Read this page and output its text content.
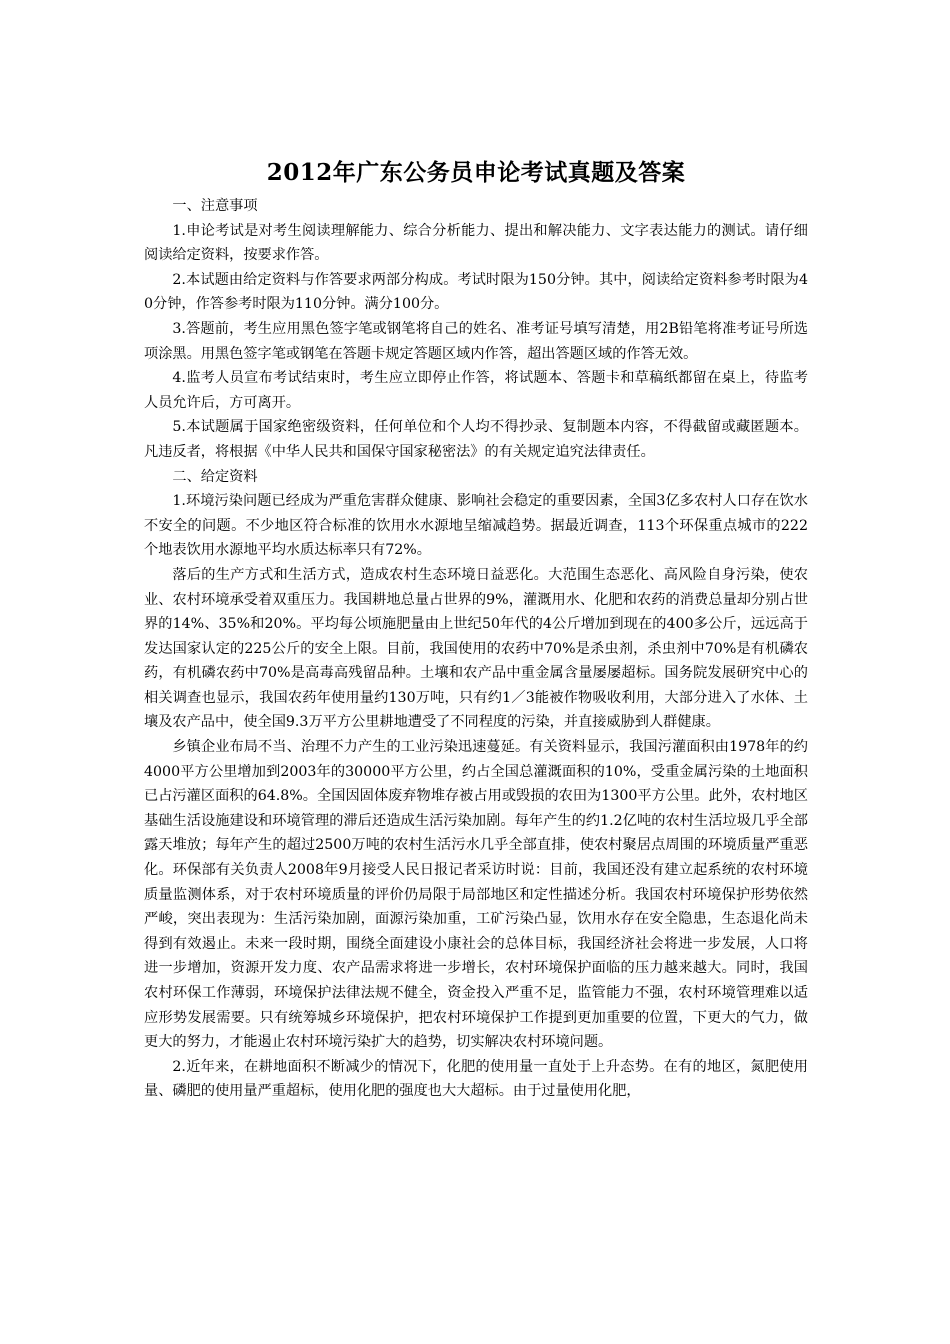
2012年广东公务员申论考试真题及答案

一、注意事项

1.申论考试是对考生阅读理解能力、综合分析能力、提出和解决能力、文字表达能力的测试。请仔细阅读给定资料，按要求作答。

2.本试题由给定资料与作答要求两部分构成。考试时限为150分钟。其中，阅读给定资料参考时限为40分钟，作答参考时限为110分钟。满分100分。

3.答题前，考生应用黑色签字笔或钢笔将自己的姓名、准考证号填写清楚，用2B铅笔将准考证号所选项涂黑。用黑色签字笔或钢笔在答题卡规定答题区域内作答，超出答题区域的作答无效。

4.监考人员宣布考试结束时，考生应立即停止作答，将试题本、答题卡和草稿纸都留在桌上，待监考人员允许后，方可离开。

5.本试题属于国家绝密级资料，任何单位和个人均不得抄录、复制题本内容，不得截留或藏匿题本。凡违反者，将根据《中华人民共和国保守国家秘密法》的有关规定追究法律责任。

二、给定资料

1.环境污染问题已经成为严重危害群众健康、影响社会稳定的重要因素，全国3亿多农村人口存在饮水不安全的问题。不少地区符合标准的饮用水水源地呈缩减趋势。据最近调查，113个环保重点城市的222个地表饮用水源地平均水质达标率只有72%。

落后的生产方式和生活方式，造成农村生态环境日益恶化。大范围生态恶化、高风险自身污染，使农业、农村环境承受着双重压力。我国耕地总量占世界的9%，灌溉用水、化肥和农药的消费总量却分别占世界的14%、35%和20%。平均每公顷施肥量由上世纪50年代的4公斤增加到现在的400多公斤，远远高于发达国家认定的225公斤的安全上限。目前，我国使用的农药中70%是杀虫剂，杀虫剂中70%是有机磷农药，有机磷农药中70%是高毒高残留品种。土壤和农产品中重金属含量屡屡超标。国务院发展研究中心的相关调查也显示，我国农药年使用量约130万吨，只有约1／3能被作物吸收利用，大部分进入了水体、土壤及农产品中，使全国9.3万平方公里耕地遭受了不同程度的污染，并直接威胁到人群健康。

乡镇企业布局不当、治理不力产生的工业污染迅速蔓延。有关资料显示，我国污灌面积由1978年的约4000平方公里增加到2003年的30000平方公里，约占全国总灌溉面积的10%，受重金属污染的土地面积已占污灌区面积的64.8%。全国因固体废弃物堆存被占用或毁损的农田为1300平方公里。此外，农村地区基础生活设施建设和环境管理的滞后还造成生活污染加剧。每年产生的约1.2亿吨的农村生活垃圾几乎全部露天堆放；每年产生的超过2500万吨的农村生活污水几乎全部直排，使农村聚居点周围的环境质量严重恶化。环保部有关负责人2008年9月接受人民日报记者采访时说：目前，我国还没有建立起系统的农村环境质量监测体系，对于农村环境质量的评价仍局限于局部地区和定性描述分析。我国农村环境保护形势依然严峻，突出表现为：生活污染加剧，面源污染加重，工矿污染凸显，饮用水存在安全隐患，生态退化尚未得到有效遏止。未来一段时期，围绕全面建设小康社会的总体目标，我国经济社会将进一步发展，人口将进一步增加，资源开发力度、农产品需求将进一步增长，农村环境保护面临的压力越来越大。同时，我国农村环保工作薄弱，环境保护法律法规不健全，资金投入严重不足，监管能力不强，农村环境管理难以适应形势发展需要。只有统筹城乡环境保护，把农村环境保护工作提到更加重要的位置，下更大的气力，做更大的努力，才能遏止农村环境污染扩大的趋势，切实解决农村环境问题。

2.近年来，在耕地面积不断减少的情况下，化肥的使用量一直处于上升态势。在有的地区，氮肥使用量、磷肥的使用量严重超标，使用化肥的强度也大大超标。由于过量使用化肥，
